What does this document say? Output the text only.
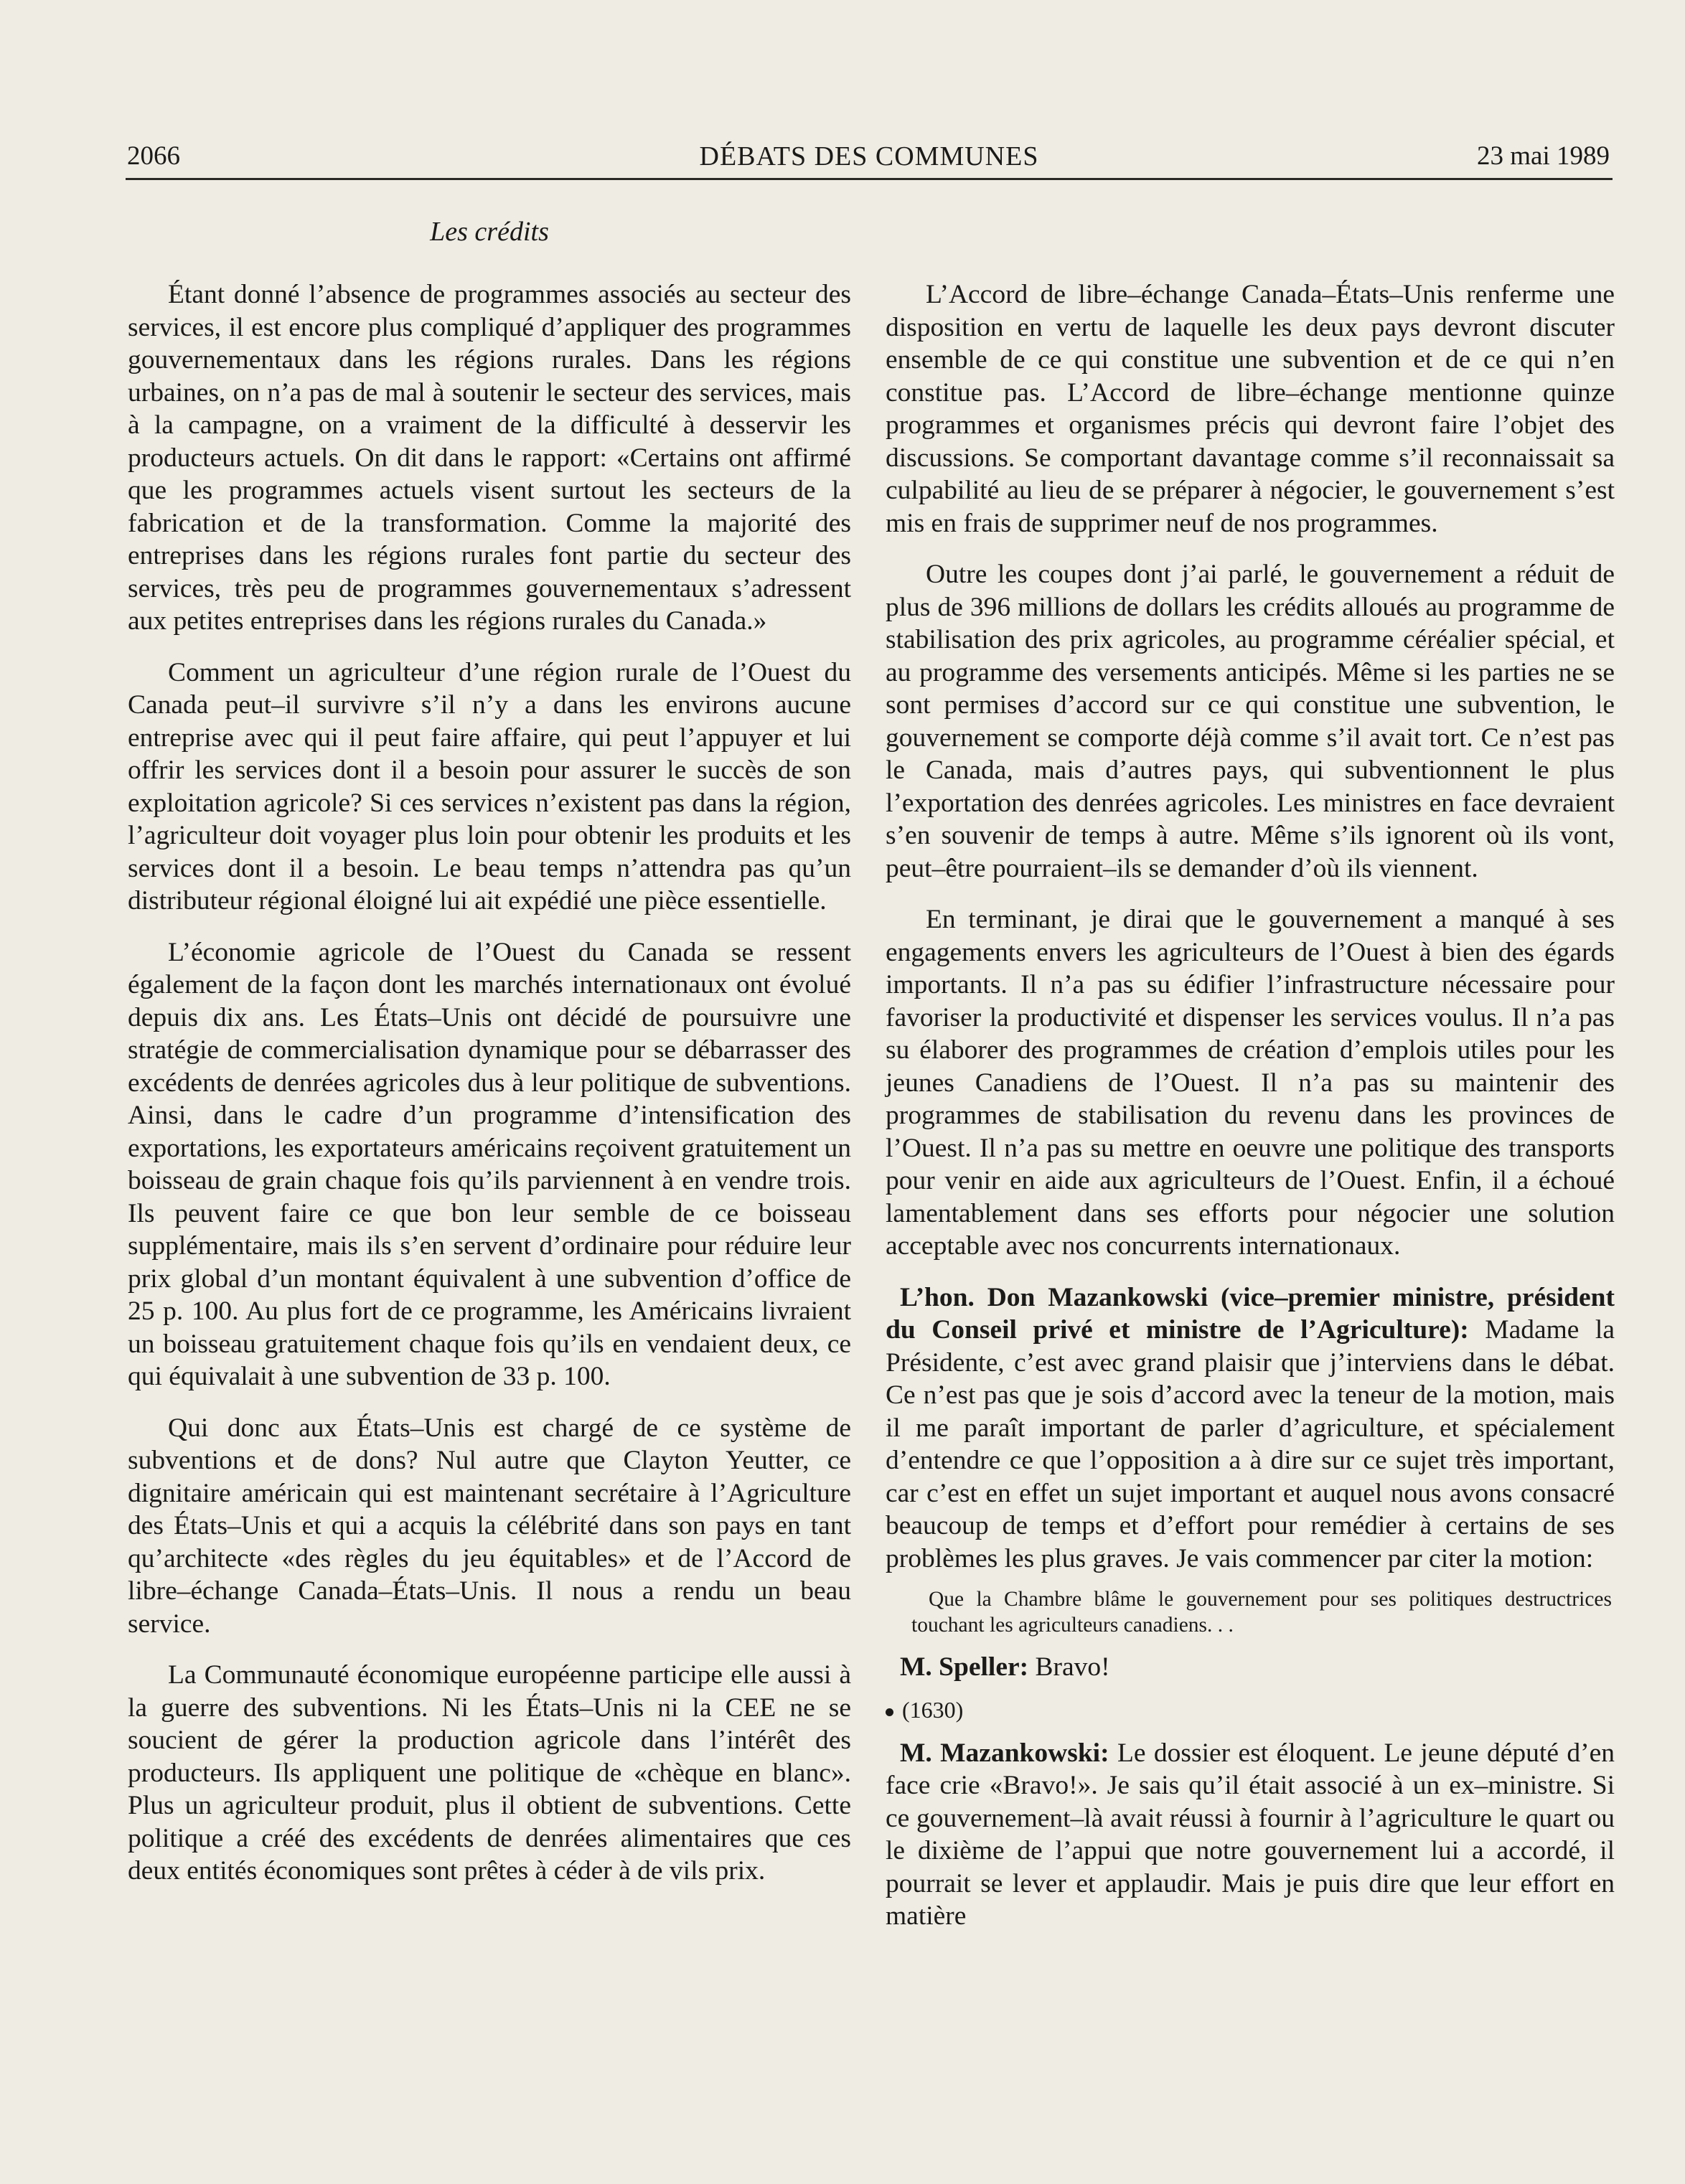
2066	DÉBATS DES COMMUNES	23 mai 1989
Les crédits

Étant donné l’absence de programmes associés au secteur des services, il est encore plus compliqué d’appliquer des programmes gouvernementaux dans les régions rurales. Dans les régions urbaines, on n’a pas de mal à soutenir le secteur des services, mais à la campagne, on a vraiment de la difficulté à desservir les producteurs actuels. On dit dans le rapport: «Certains ont affirmé que les programmes actuels visent surtout les secteurs de la fabrication et de la transformation. Comme la majorité des entreprises dans les régions rurales font partie du secteur des services, très peu de programmes gouvernementaux s’adressent aux petites entreprises dans les régions rurales du Canada.»

Comment un agriculteur d’une région rurale de l’Ouest du Canada peut–il survivre s’il n’y a dans les environs aucune entreprise avec qui il peut faire affaire, qui peut l’appuyer et lui offrir les services dont il a besoin pour assurer le succès de son exploitation agricole? Si ces services n’existent pas dans la région, l’agriculteur doit voyager plus loin pour obtenir les produits et les services dont il a besoin. Le beau temps n’attendra pas qu’un distributeur régional éloigné lui ait expédié une pièce essentielle.

L’économie agricole de l’Ouest du Canada se ressent également de la façon dont les marchés internationaux ont évolué depuis dix ans. Les États–Unis ont décidé de poursuivre une stratégie de commercialisation dynamique pour se débarrasser des excédents de denrées agricoles dus à leur politique de subventions. Ainsi, dans le cadre d’un programme d’intensification des exportations, les exportateurs américains reçoivent gratuitement un boisseau de grain chaque fois qu’ils parviennent à en vendre trois. Ils peuvent faire ce que bon leur semble de ce boisseau supplémentaire, mais ils s’en servent d’ordinaire pour réduire leur prix global d’un montant équivalent à une subvention d’office de 25 p. 100. Au plus fort de ce programme, les Américains livraient un boisseau gratuitement chaque fois qu’ils en vendaient deux, ce qui équivalait à une subvention de 33 p. 100.

Qui donc aux États–Unis est chargé de ce système de subventions et de dons? Nul autre que Clayton Yeutter, ce dignitaire américain qui est maintenant secrétaire à l’Agriculture des États–Unis et qui a acquis la célébrité dans son pays en tant qu’architecte «des règles du jeu équitables» et de l’Accord de libre–échange Canada–États–Unis. Il nous a rendu un beau service.

La Communauté économique européenne participe elle aussi à la guerre des subventions. Ni les États–Unis ni la CEE ne se soucient de gérer la production agricole dans l’intérêt des producteurs. Ils appliquent une politique de «chèque en blanc». Plus un agriculteur produit, plus il obtient de subventions. Cette politique a créé des excédents de denrées alimentaires que ces deux entités économiques sont prêtes à céder à de vils prix.

L’Accord de libre–échange Canada–États–Unis renferme une disposition en vertu de laquelle les deux pays devront discuter ensemble de ce qui constitue une subvention et de ce qui n’en constitue pas. L’Accord de libre–échange mentionne quinze programmes et organismes précis qui devront faire l’objet des discussions. Se comportant davantage comme s’il reconnaissait sa culpabilité au lieu de se préparer à négocier, le gouvernement s’est mis en frais de supprimer neuf de nos programmes.

Outre les coupes dont j’ai parlé, le gouvernement a réduit de plus de 396 millions de dollars les crédits alloués au programme de stabilisation des prix agricoles, au programme céréalier spécial, et au programme des versements anticipés. Même si les parties ne se sont permises d’accord sur ce qui constitue une subvention, le gouvernement se comporte déjà comme s’il avait tort. Ce n’est pas le Canada, mais d’autres pays, qui subventionnent le plus l’exportation des denrées agricoles. Les ministres en face devraient s’en souvenir de temps à autre. Même s’ils ignorent où ils vont, peut–être pourraient–ils se demander d’où ils viennent.

En terminant, je dirai que le gouvernement a manqué à ses engagements envers les agriculteurs de l’Ouest à bien des égards importants. Il n’a pas su édifier l’infrastructure nécessaire pour favoriser la productivité et dispenser les services voulus. Il n’a pas su élaborer des programmes de création d’emplois utiles pour les jeunes Canadiens de l’Ouest. Il n’a pas su maintenir des programmes de stabilisation du revenu dans les provinces de l’Ouest. Il n’a pas su mettre en oeuvre une politique des transports pour venir en aide aux agriculteurs de l’Ouest. Enfin, il a échoué lamentablement dans ses efforts pour négocier une solution acceptable avec nos concurrents internationaux.

L’hon. Don Mazankowski (vice–premier ministre, président du Conseil privé et ministre de l’Agriculture): Madame la Présidente, c’est avec grand plaisir que j’interviens dans le débat. Ce n’est pas que je sois d’accord avec la teneur de la motion, mais il me paraît important de parler d’agriculture, et spécialement d’entendre ce que l’opposition a à dire sur ce sujet très important, car c’est en effet un sujet important et auquel nous avons consacré beaucoup de temps et d’effort pour remédier à certains de ses problèmes les plus graves. Je vais commencer par citer la motion:

Que la Chambre blâme le gouvernement pour ses politiques destructrices touchant les agriculteurs canadiens. . .

M. Speller: Bravo!

(1630)

M. Mazankowski: Le dossier est éloquent. Le jeune député d’en face crie «Bravo!». Je sais qu’il était associé à un ex–ministre. Si ce gouvernement–là avait réussi à fournir à l’agriculture le quart ou le dixième de l’appui que notre gouvernement lui a accordé, il pourrait se lever et applaudir. Mais je puis dire que leur effort en matière
